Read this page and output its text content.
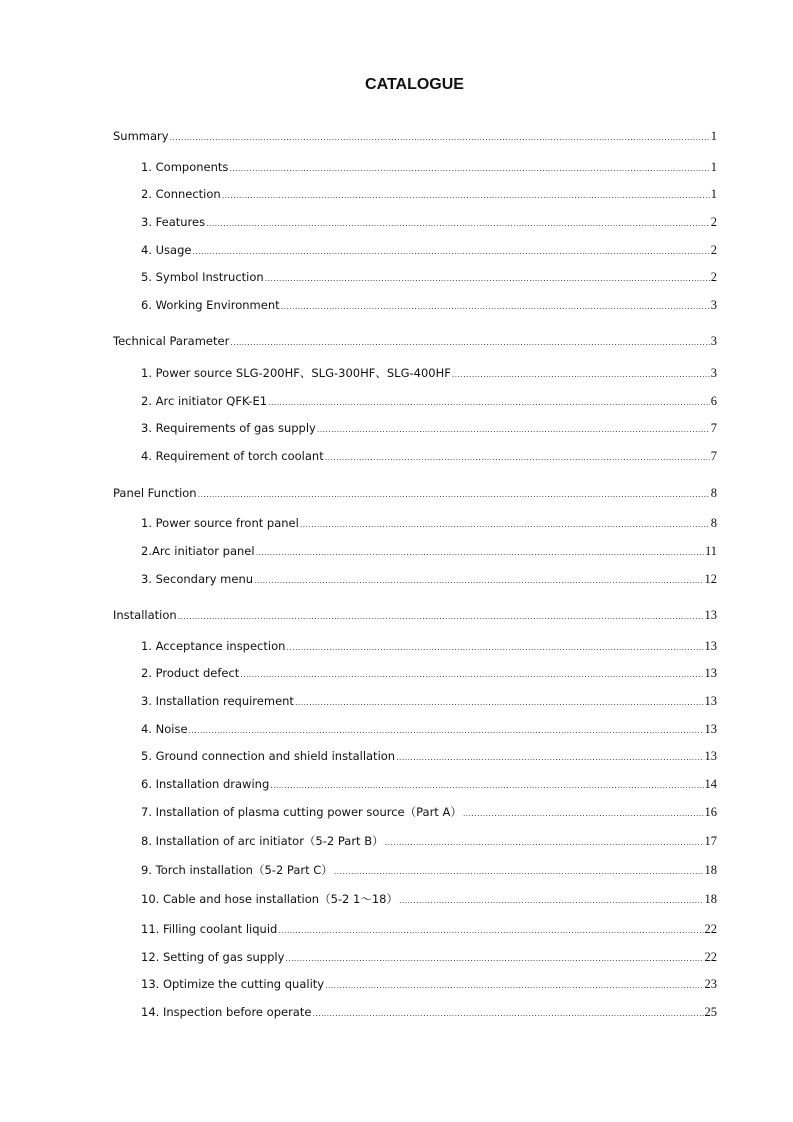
CATALOGUE
Summary .....	1
1. Components .....	1
2. Connection .....	1
3. Features .....	2
4. Usage .....	2
5. Symbol Instruction .....	2
6. Working Environment .....	3
Technical Parameter .....	3
1. Power source SLG-200HF、SLG-300HF、SLG-400HF .....	3
2. Arc initiator QFK-E1 .....	6
3. Requirements of gas supply .....	7
4. Requirement of torch coolant .....	7
Panel Function .....	8
1. Power source front panel .....	8
2.Arc initiator panel .....	11
3. Secondary menu .....	12
Installation .....	13
1. Acceptance inspection .....	13
2. Product defect .....	13
3. Installation requirement .....	13
4. Noise .....	13
5. Ground connection and shield installation .....	13
6. Installation drawing .....	14
7. Installation of plasma cutting power source（Part A） .....	16
8. Installation of arc initiator（5-2 Part B） .....	17
9. Torch installation（5-2 Part C） .....	18
10. Cable and hose installation（5-2 1～18） .....	18
11. Filling coolant liquid .....	22
12. Setting of gas supply .....	22
13. Optimize the cutting quality .....	23
14. Inspection before operate .....	25
